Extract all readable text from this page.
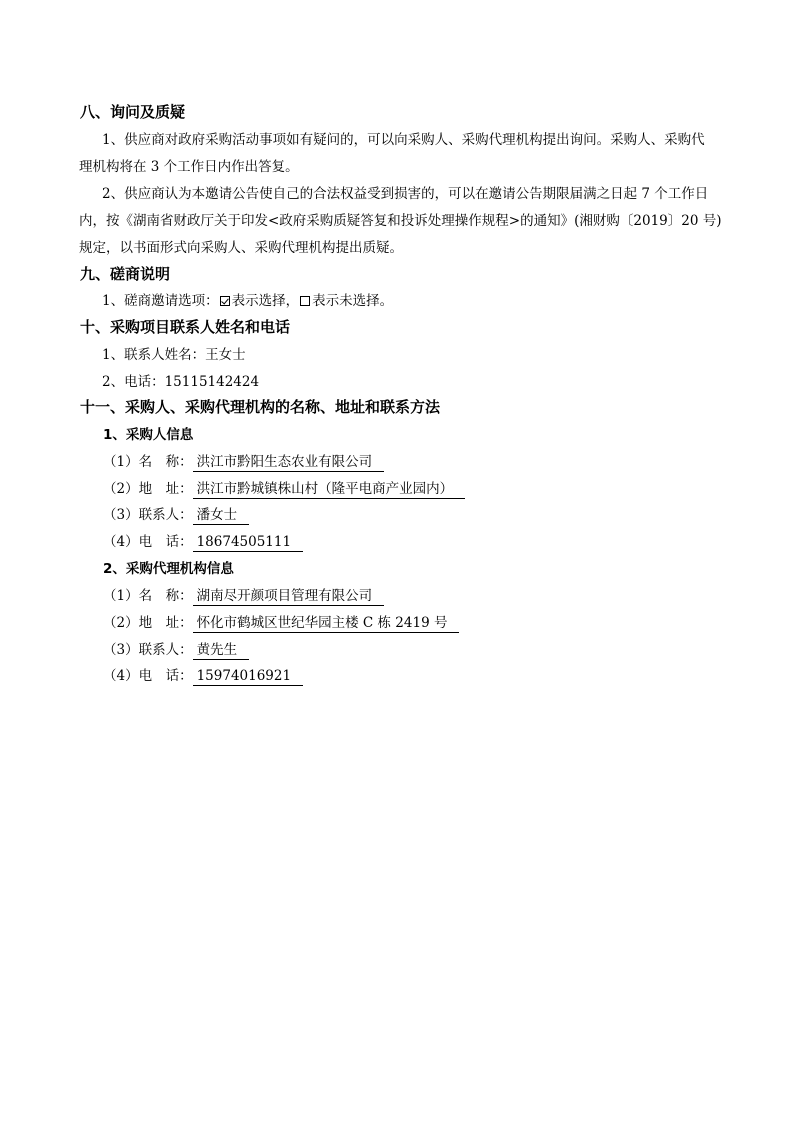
八、询问及质疑
1、供应商对政府采购活动事项如有疑问的，可以向采购人、采购代理机构提出询问。采购人、采购代
理机构将在 3 个工作日内作出答复。
2、供应商认为本邀请公告使自己的合法权益受到损害的，可以在邀请公告期限届满之日起 7 个工作日
内，按《湖南省财政厅关于印发<政府采购质疑答复和投诉处理操作规程>的通知》(湘财购〔2019〕20 号)
规定，以书面形式向采购人、采购代理机构提出质疑。
九、磋商说明
1、磋商邀请选项： 表示选择， 表示未选择。
十、采购项目联系人姓名和电话
1、联系人姓名：王女士
2、电话：15115142424
十一、采购人、采购代理机构的名称、地址和联系方法
1、采购人信息
（1）名　称： 洪江市黔阳生态农业有限公司
（2）地　址： 洪江市黔城镇株山村（隆平电商产业园内）
（3）联系人： 潘女士
（4）电　话： 18674505111
2、采购代理机构信息
（1）名　称： 湖南尽开颜项目管理有限公司
（2）地　址： 怀化市鹤城区世纪华园主楼 C 栋 2419 号
（3）联系人： 黄先生
（4）电　话： 15974016921
